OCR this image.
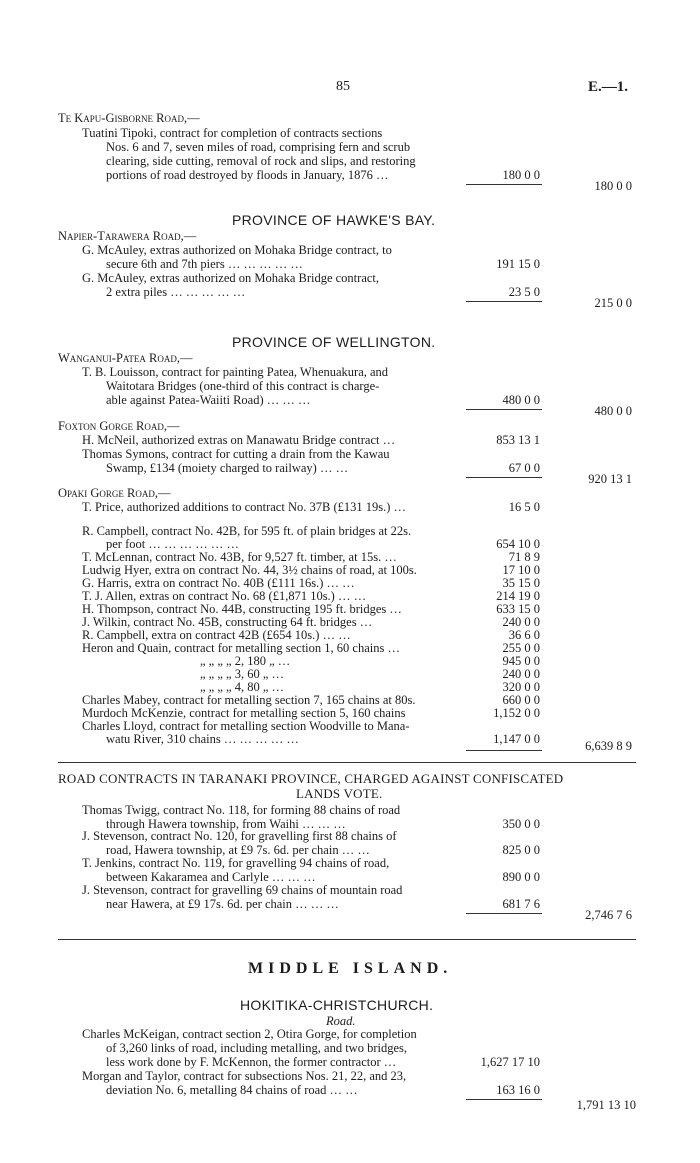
85	E.—1.
Te Kapu-Gisborne Road,—
Tuatini Tipoki, contract for completion of contracts sections
Nos. 6 and 7, seven miles of road, comprising fern and scrub
clearing, side cutting, removal of rock and slips, and restoring
portions of road destroyed by floods in January, 1876 …	180 0 0
180 0 0
PROVINCE OF HAWKE'S BAY.
Napier-Tarawera Road,—
G. McAuley, extras authorized on Mohaka Bridge contract, to
secure 6th and 7th piers … … … … …	191 15 0
G. McAuley, extras authorized on Mohaka Bridge contract,
2 extra piles … … … … …	23 5 0
215 0 0
PROVINCE OF WELLINGTON.
Wanganui-Patea Road,—
T. B. Louisson, contract for painting Patea, Whenuakura, and
Waitotara Bridges (one-third of this contract is charge-
able against Patea-Waiiti Road) … … …	480 0 0
480 0 0
Foxton Gorge Road,—
H. McNeil, authorized extras on Manawatu Bridge contract …	853 13 1
Thomas Symons, contract for cutting a drain from the Kawau
Swamp, £134 (moiety charged to railway) … …	67 0 0
920 13 1
Opaki Gorge Road,—
T. Price, authorized additions to contract No. 37B (£131 19s.) …	16 5 0
R. Campbell, contract No. 42B, for 595 ft. of plain bridges at 22s.
per foot … … … … … …	654 10 0
T. McLennan, contract No. 43B, for 9,527 ft. timber, at 15s. …	71 8 9
Ludwig Hyer, extra on contract No. 44, 3½ chains of road, at 100s.	17 10 0
G. Harris, extra on contract No. 40B (£111 16s.) … …	35 15 0
T. J. Allen, extras on contract No. 68 (£1,871 10s.) … …	214 19 0
H. Thompson, contract No. 44B, constructing 195 ft. bridges …	633 15 0
J. Wilkin, contract No. 45B, constructing 64 ft. bridges …	240 0 0
R. Campbell, extra on contract 42B (£654 10s.) … …	36 6 0
Heron and Quain, contract for metalling section 1, 60 chains …	255 0 0
„ „ „ „ 2, 180 „ …	945 0 0
„ „ „ „ 3, 60 „ …	240 0 0
„ „ „ „ 4, 80 „ …	320 0 0
Charles Mabey, contract for metalling section 7, 165 chains at 80s.	660 0 0
Murdoch McKenzie, contract for metalling section 5, 160 chains	1,152 0 0
Charles Lloyd, contract for metalling section Woodville to Mana-
watu River, 310 chains … … … … …	1,147 0 0	6,639 8 9
ROAD CONTRACTS IN TARANAKI PROVINCE, CHARGED AGAINST CONFISCATED
LANDS VOTE.
Thomas Twigg, contract No. 118, for forming 88 chains of road
through Hawera township, from Waihi … … …	350 0 0
J. Stevenson, contract No. 120, for gravelling first 88 chains of
road, Hawera township, at £9 7s. 6d. per chain … …	825 0 0
T. Jenkins, contract No. 119, for gravelling 94 chains of road,
between Kakaramea and Carlyle … … …	890 0 0
J. Stevenson, contract for gravelling 69 chains of mountain road
near Hawera, at £9 17s. 6d. per chain … … …	681 7 6
2,746 7 6
MIDDLE ISLAND.
HOKITIKA-CHRISTCHURCH.
Road.
Charles McKeigan, contract section 2, Otira Gorge, for completion
of 3,260 links of road, including metalling, and two bridges,
less work done by F. McKennon, the former contractor …	1,627 17 10
Morgan and Taylor, contract for subsections Nos. 21, 22, and 23,
deviation No. 6, metalling 84 chains of road … …	163 16 0
1,791 13 10
